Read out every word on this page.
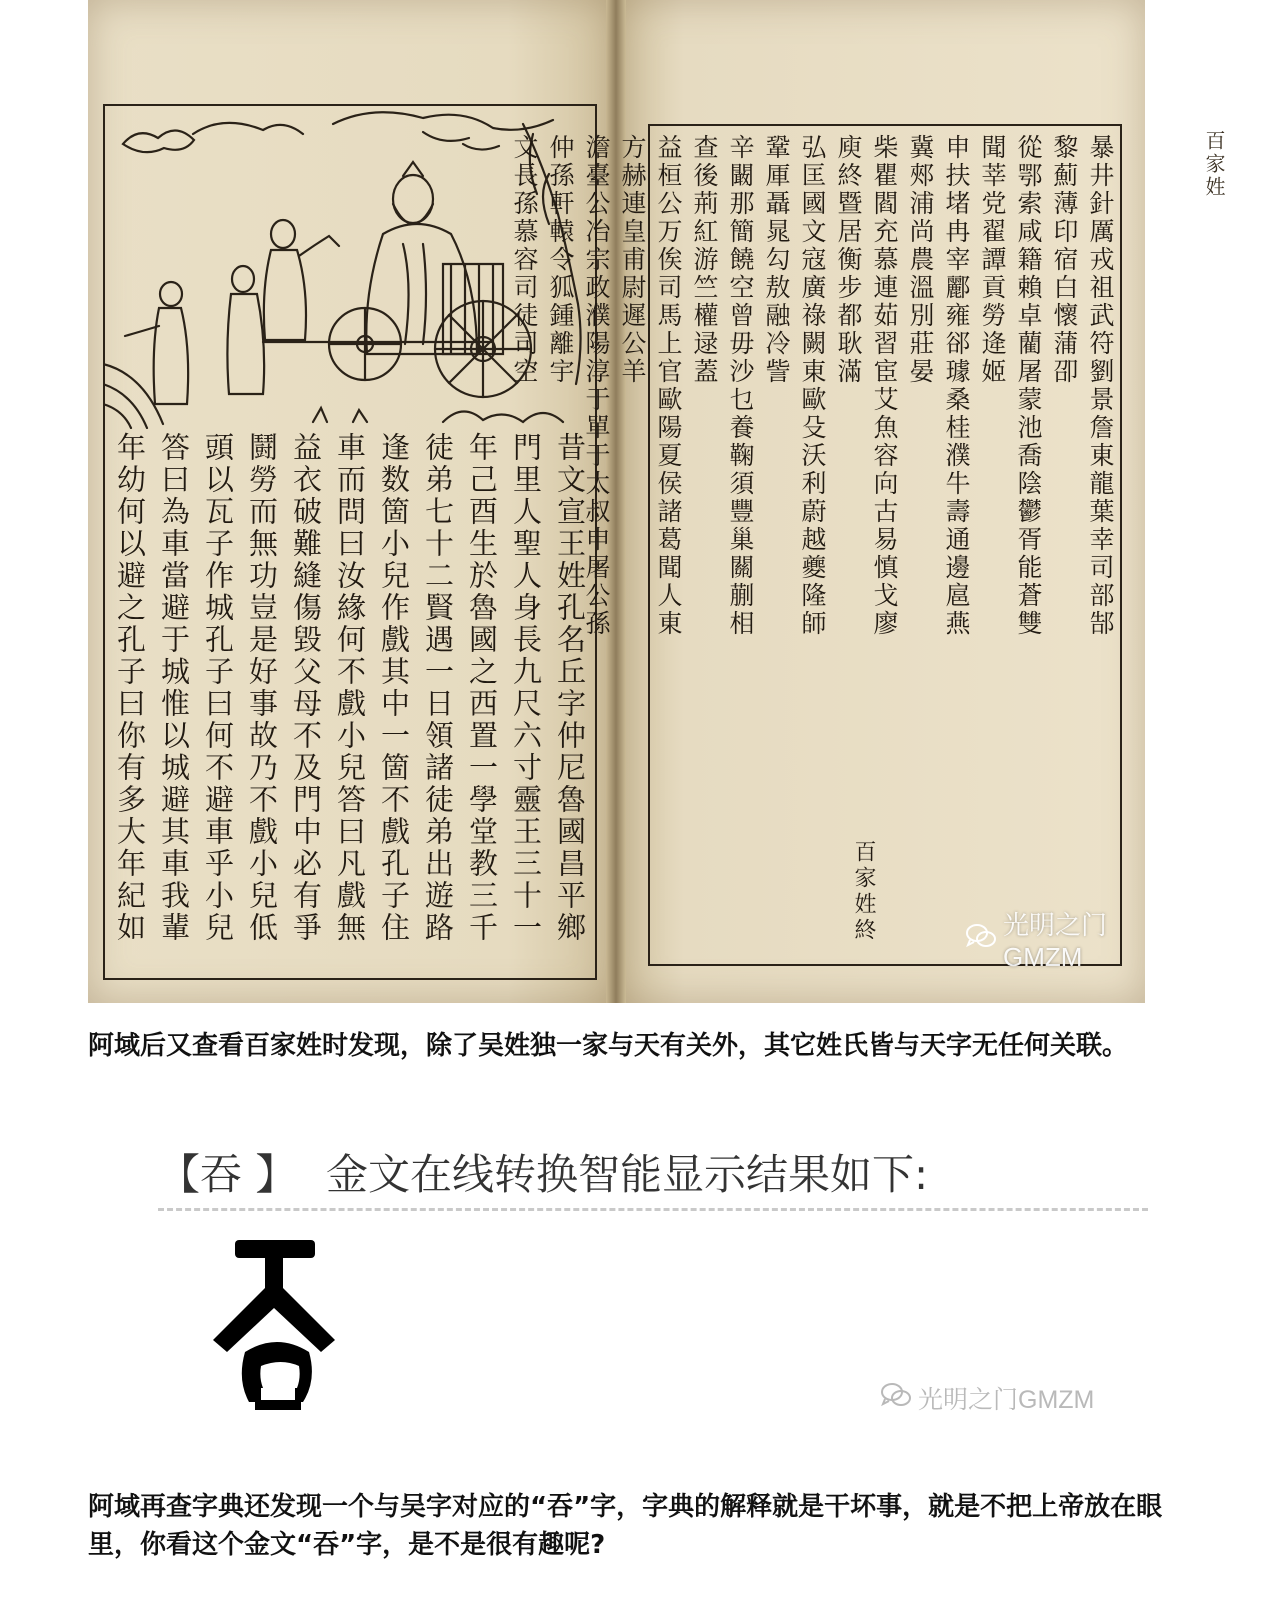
昔文宣王姓孔名丘字仲尼魯國昌平鄉
門里人聖人身長九尺六寸靈王三十一
年己酉生於魯國之西置一學堂教三千
徒弟七十二賢遇一日領諸徒弟出遊路
逢数箇小兒作戲其中一箇不戲孔子住
車而問曰汝緣何不戲小兒答曰凡戲無
益衣破難縫傷毀父母不及門中必有爭
鬪勞而無功豈是好事故乃不戲小兒低
頭以瓦子作城孔子曰何不避車乎小兒
答曰為車當避于城惟以城避其車我輩
年幼何以避之孔子曰你有多大年紀如
暴井針厲戎祖武符劉景詹東龍葉幸司部郜黎薊薄印宿白懷蒲卲
從鄂索咸籍賴卓藺屠蒙池喬陰鬱胥能蒼雙聞莘党翟譚貢勞逄姬
申扶堵冉宰酈雍郤璩桑桂濮牛壽通邊扈燕冀郟浦尚農溫別莊晏
柴瞿閻充慕連茹習宦艾魚容向古易慎戈廖庾終暨居衡步都耿滿
弘匡國文寇廣祿闕東歐殳沃利蔚越夔隆師鞏厙聶晁勾敖融冷訾
辛闞那簡饒空曾毋沙乜養鞠須豐巢關蒯相查後荊紅游竺權逯蓋
益桓公万俟司馬上官歐陽夏侯諸葛聞人東方赫連皇甫尉遲公羊
澹臺公冶宗政濮陽淳于單于太叔申屠公孫仲孫軒轅令狐鍾離宇
文長孫慕容司徒司空
百家姓終
百家姓
光明之门GMZM
阿域后又查看百家姓时发现，除了吴姓独一家与天有关外，其它姓氏皆与天字无任何关联。
【吞 】 金文在线转换智能显示结果如下:
光明之门GMZM
阿域再查字典还发现一个与吴字对应的“吞”字，字典的解释就是干坏事，就是不把上帝放在眼里，你看这个金文“吞”字，是不是很有趣呢?
